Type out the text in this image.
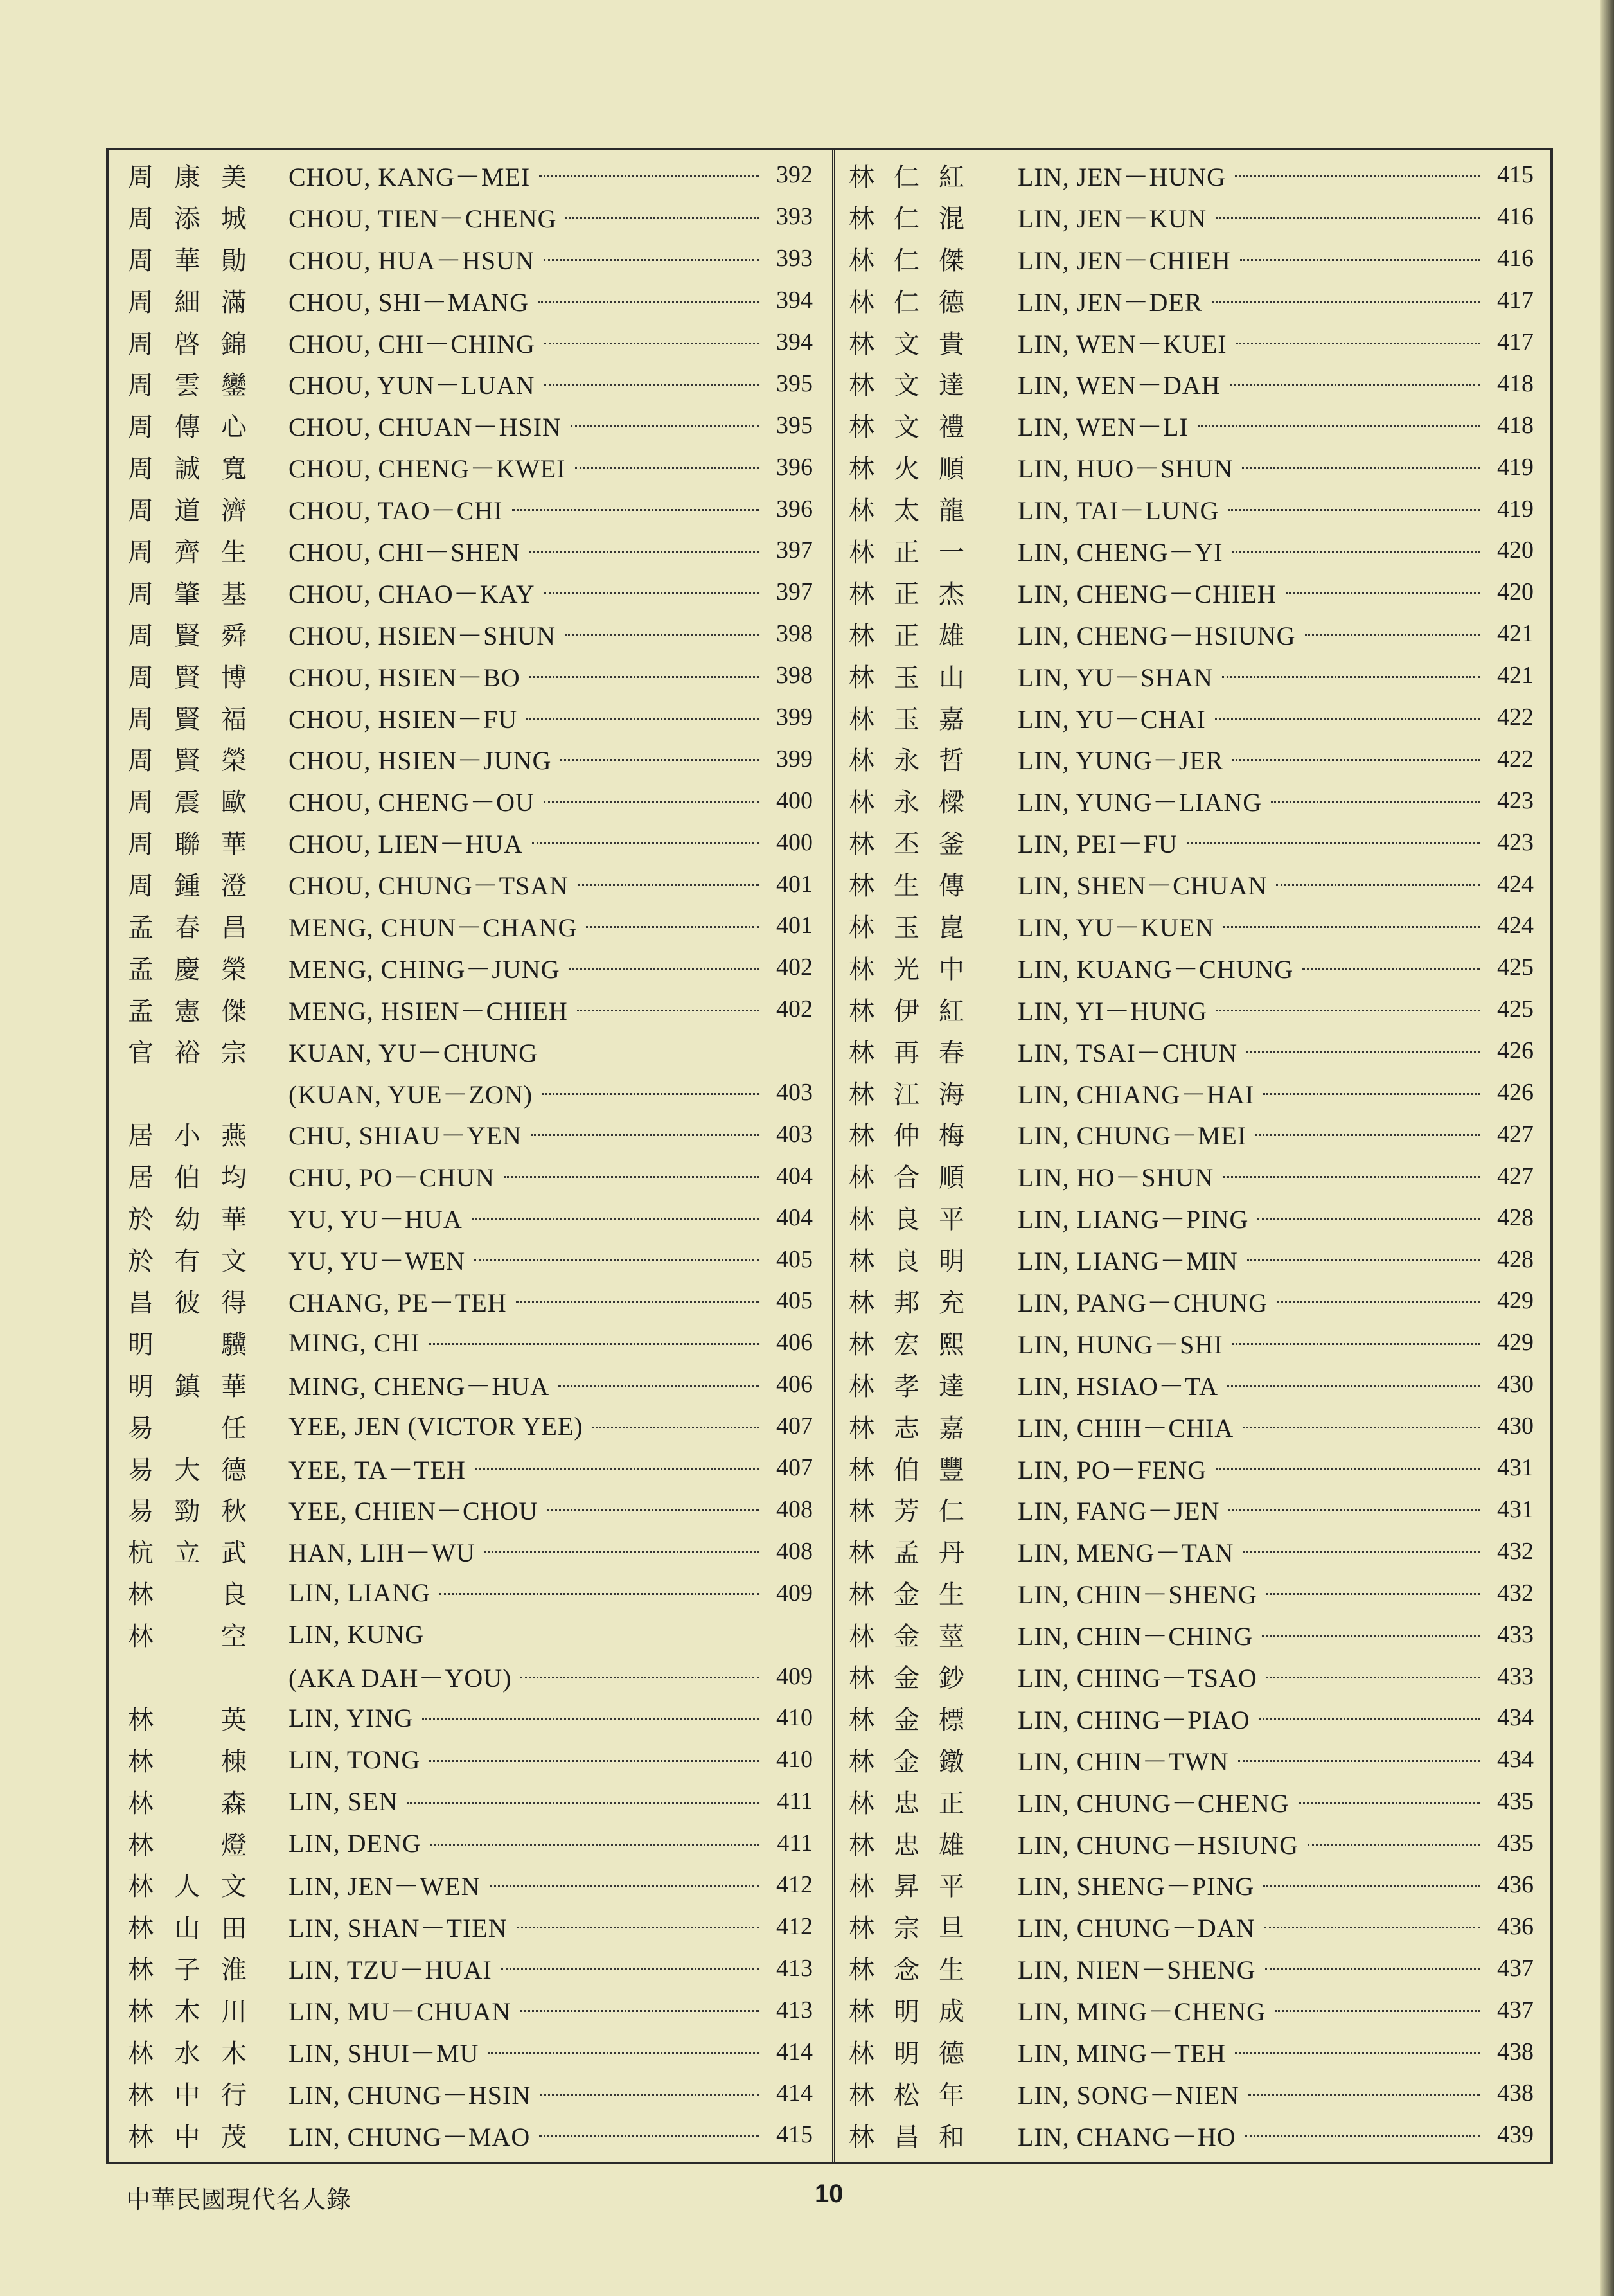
周康美	CHOU, KANG－MEI	392
周添城	CHOU, TIEN－CHENG	393
周華勛	CHOU, HUA－HSUN	393
周細滿	CHOU, SHI－MANG	394
周啓錦	CHOU, CHI－CHING	394
周雲鑾	CHOU, YUN－LUAN	395
周傳心	CHOU, CHUAN－HSIN	395
周誠寬	CHOU, CHENG－KWEI	396
周道濟	CHOU, TAO－CHI	396
周齊生	CHOU, CHI－SHEN	397
周肇基	CHOU, CHAO－KAY	397
周賢舜	CHOU, HSIEN－SHUN	398
周賢博	CHOU, HSIEN－BO	398
周賢福	CHOU, HSIEN－FU	399
周賢榮	CHOU, HSIEN－JUNG	399
周震歐	CHOU, CHENG－OU	400
周聯華	CHOU, LIEN－HUA	400
周鍾澄	CHOU, CHUNG－TSAN	401
孟春昌	MENG, CHUN－CHANG	401
孟慶榮	MENG, CHING－JUNG	402
孟憲傑	MENG, HSIEN－CHIEH	402
官裕宗	KUAN, YU－CHUNG
(KUAN, YUE－ZON)	403
居小燕	CHU, SHIAU－YEN	403
居伯均	CHU, PO－CHUN	404
於幼華	YU, YU－HUA	404
於有文	YU, YU－WEN	405
昌彼得	CHANG, PE－TEH	405
明驥	MING, CHI	406
明鎮華	MING, CHENG－HUA	406
易任	YEE, JEN (VICTOR YEE)	407
易大德	YEE, TA－TEH	407
易勁秋	YEE, CHIEN－CHOU	408
杭立武	HAN, LIH－WU	408
林良	LIN, LIANG	409
林空	LIN, KUNG
(AKA DAH－YOU)	409
林英	LIN, YING	410
林棟	LIN, TONG	410
林森	LIN, SEN	411
林燈	LIN, DENG	411
林人文	LIN, JEN－WEN	412
林山田	LIN, SHAN－TIEN	412
林子淮	LIN, TZU－HUAI	413
林木川	LIN, MU－CHUAN	413
林水木	LIN, SHUI－MU	414
林中行	LIN, CHUNG－HSIN	414
林中茂	LIN, CHUNG－MAO	415
林仁紅	LIN, JEN－HUNG	415
林仁混	LIN, JEN－KUN	416
林仁傑	LIN, JEN－CHIEH	416
林仁德	LIN, JEN－DER	417
林文貴	LIN, WEN－KUEI	417
林文達	LIN, WEN－DAH	418
林文禮	LIN, WEN－LI	418
林火順	LIN, HUO－SHUN	419
林太龍	LIN, TAI－LUNG	419
林正一	LIN, CHENG－YI	420
林正杰	LIN, CHENG－CHIEH	420
林正雄	LIN, CHENG－HSIUNG	421
林玉山	LIN, YU－SHAN	421
林玉嘉	LIN, YU－CHAI	422
林永哲	LIN, YUNG－JER	422
林永樑	LIN, YUNG－LIANG	423
林丕釜	LIN, PEI－FU	423
林生傳	LIN, SHEN－CHUAN	424
林玉崑	LIN, YU－KUEN	424
林光中	LIN, KUANG－CHUNG	425
林伊紅	LIN, YI－HUNG	425
林再春	LIN, TSAI－CHUN	426
林江海	LIN, CHIANG－HAI	426
林仲梅	LIN, CHUNG－MEI	427
林合順	LIN, HO－SHUN	427
林良平	LIN, LIANG－PING	428
林良明	LIN, LIANG－MIN	428
林邦充	LIN, PANG－CHUNG	429
林宏熙	LIN, HUNG－SHI	429
林孝達	LIN, HSIAO－TA	430
林志嘉	LIN, CHIH－CHIA	430
林伯豐	LIN, PO－FENG	431
林芳仁	LIN, FANG－JEN	431
林孟丹	LIN, MENG－TAN	432
林金生	LIN, CHIN－SHENG	432
林金莖	LIN, CHIN－CHING	433
林金鈔	LIN, CHING－TSAO	433
林金標	LIN, CHING－PIAO	434
林金鐓	LIN, CHIN－TWN	434
林忠正	LIN, CHUNG－CHENG	435
林忠雄	LIN, CHUNG－HSIUNG	435
林昇平	LIN, SHENG－PING	436
林宗旦	LIN, CHUNG－DAN	436
林念生	LIN, NIEN－SHENG	437
林明成	LIN, MING－CHENG	437
林明德	LIN, MING－TEH	438
林松年	LIN, SONG－NIEN	438
林昌和	LIN, CHANG－HO	439
中華民國現代名人錄	10
